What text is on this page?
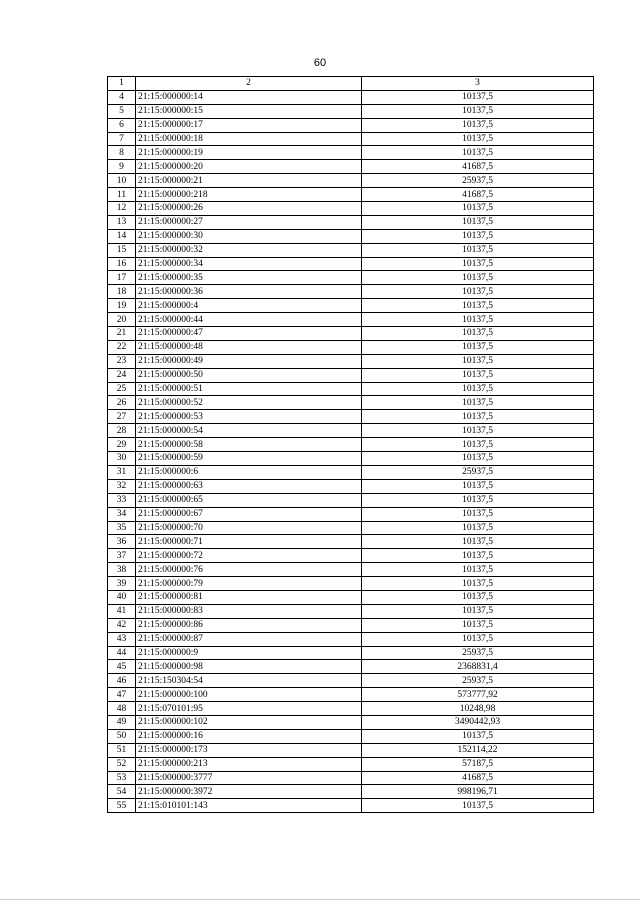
60
1	2	3
4	21:15:000000:14	10137,5
5	21:15:000000:15	10137,5
6	21:15:000000:17	10137,5
7	21:15:000000:18	10137,5
8	21:15:000000:19	10137,5
9	21:15:000000:20	41687,5
10	21:15:000000:21	25937,5
11	21:15:000000:218	41687,5
12	21:15:000000:26	10137,5
13	21:15:000000:27	10137,5
14	21:15:000000:30	10137,5
15	21:15:000000:32	10137,5
16	21:15:000000:34	10137,5
17	21:15:000000:35	10137,5
18	21:15:000000:36	10137,5
19	21:15:000000:4	10137,5
20	21:15:000000:44	10137,5
21	21:15:000000:47	10137,5
22	21:15:000000:48	10137,5
23	21:15:000000:49	10137,5
24	21:15:000000:50	10137,5
25	21:15:000000:51	10137,5
26	21:15:000000:52	10137,5
27	21:15:000000:53	10137,5
28	21:15:000000:54	10137,5
29	21:15:000000:58	10137,5
30	21:15:000000:59	10137,5
31	21:15:000000:6	25937,5
32	21:15:000000:63	10137,5
33	21:15:000000:65	10137,5
34	21:15:000000:67	10137,5
35	21:15:000000:70	10137,5
36	21:15:000000:71	10137,5
37	21:15:000000:72	10137,5
38	21:15:000000:76	10137,5
39	21:15:000000:79	10137,5
40	21:15:000000:81	10137,5
41	21:15:000000:83	10137,5
42	21:15:000000:86	10137,5
43	21:15:000000:87	10137,5
44	21:15:000000:9	25937,5
45	21:15:000000:98	2368831,4
46	21:15:150304:54	25937,5
47	21:15:000000:100	573777,92
48	21:15:070101:95	10248,98
49	21:15:000000:102	3490442,93
50	21:15:000000:16	10137,5
51	21:15:000000:173	152114,22
52	21:15:000000:213	57187,5
53	21:15:000000:3777	41687,5
54	21:15:000000:3972	998196,71
55	21:15:010101:143	10137,5
